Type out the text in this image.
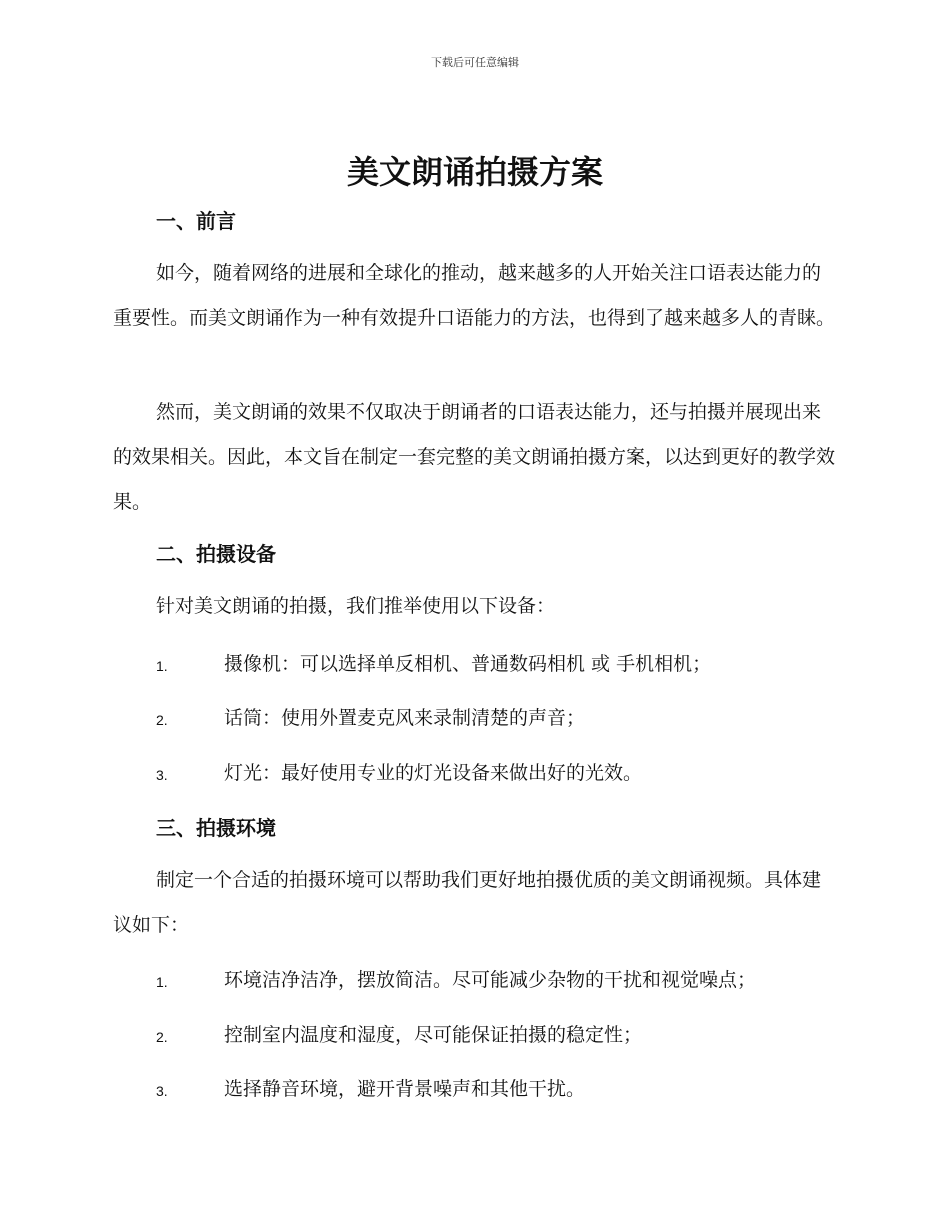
下载后可任意编辑
美文朗诵拍摄方案
一、前言

如今，随着网络的进展和全球化的推动，越来越多的人开始关注口语表达能力的重要性。而美文朗诵作为一种有效提升口语能力的方法，也得到了越来越多人的青睐。

然而，美文朗诵的效果不仅取决于朗诵者的口语表达能力，还与拍摄并展现出来的效果相关。因此，本文旨在制定一套完整的美文朗诵拍摄方案，以达到更好的教学效果。

二、拍摄设备

针对美文朗诵的拍摄，我们推举使用以下设备：

1.	摄像机：可以选择单反相机、普通数码相机 或 手机相机；
2.	话筒：使用外置麦克风来录制清楚的声音；
3.	灯光：最好使用专业的灯光设备来做出好的光效。
三、拍摄环境

制定一个合适的拍摄环境可以帮助我们更好地拍摄优质的美文朗诵视频。具体建议如下：

1.	环境洁净洁净，摆放简洁。尽可能减少杂物的干扰和视觉噪点；
2.	控制室内温度和湿度，尽可能保证拍摄的稳定性；
3.	选择静音环境，避开背景噪声和其他干扰。
